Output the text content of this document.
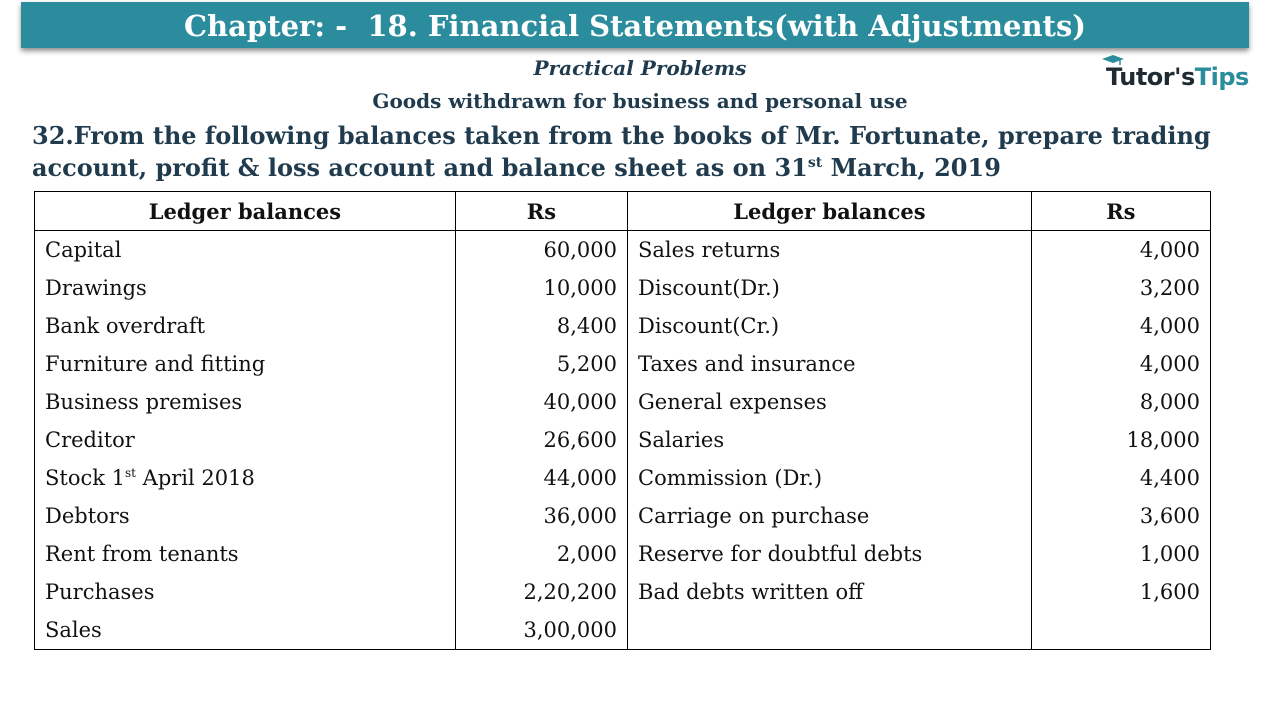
Chapter: - 18. Financial Statements(with Adjustments)
Practical Problems
Goods withdrawn for business and personal use
Tutor'sTips
32.From the following balances taken from the books of Mr. Fortunate, prepare trading account, profit & loss account and balance sheet as on 31st March, 2019
Ledger balances	Rs	Ledger balances	Rs
Capital	60,000	Sales returns	4,000
Drawings	10,000	Discount(Dr.)	3,200
Bank overdraft	8,400	Discount(Cr.)	4,000
Furniture and fitting	5,200	Taxes and insurance	4,000
Business premises	40,000	General expenses	8,000
Creditor	26,600	Salaries	18,000
Stock 1st April 2018	44,000	Commission (Dr.)	4,400
Debtors	36,000	Carriage on purchase	3,600
Rent from tenants	2,000	Reserve for doubtful debts	1,000
Purchases	2,20,200	Bad debts written off	1,600
Sales	3,00,000		
